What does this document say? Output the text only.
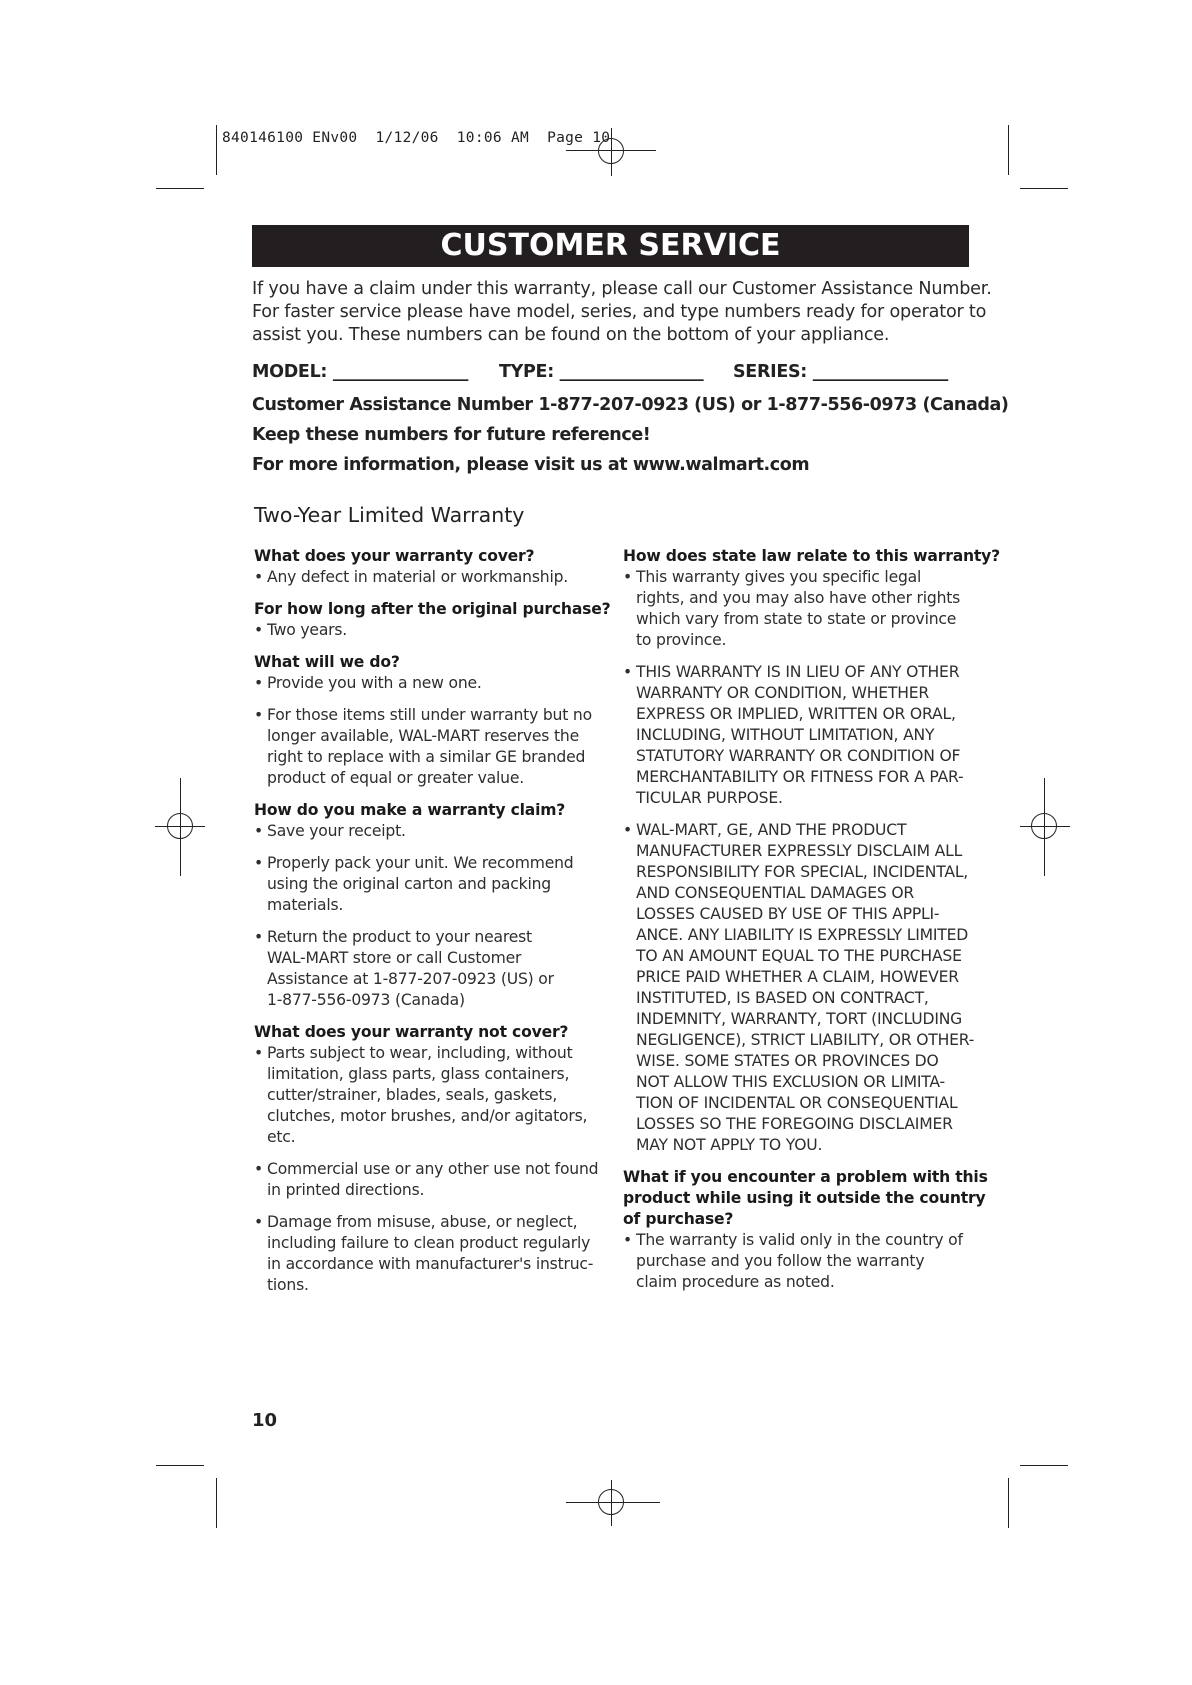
840146100 ENv00  1/12/06  10:06 AM  Page 10
CUSTOMER SERVICE
If you have a claim under this warranty, please call our Customer Assistance Number.
For faster service please have model, series, and type numbers ready for operator to
assist you. These numbers can be found on the bottom of your appliance.
MODEL: ________________ TYPE: _________________ SERIES: ________________
Customer Assistance Number 1-877-207-0923 (US) or 1-877-556-0973 (Canada)
Keep these numbers for future reference!
For more information, please visit us at www.walmart.com
Two-Year Limited Warranty
What does your warranty cover?
• Any defect in material or workmanship.
For how long after the original purchase?
• Two years.
What will we do?
• Provide you with a new one.
• For those items still under warranty but no
longer available, WAL-MART reserves the
right to replace with a similar GE branded
product of equal or greater value.
How do you make a warranty claim?
• Save your receipt.
• Properly pack your unit. We recommend
using the original carton and packing
materials.
• Return the product to your nearest
WAL-MART store or call Customer
Assistance at 1-877-207-0923 (US) or
1-877-556-0973 (Canada)
What does your warranty not cover?
• Parts subject to wear, including, without
limitation, glass parts, glass containers,
cutter/strainer, blades, seals, gaskets,
clutches, motor brushes, and/or agitators,
etc.
• Commercial use or any other use not found
in printed directions.
• Damage from misuse, abuse, or neglect,
including failure to clean product regularly
in accordance with manufacturer's instruc-
tions.
How does state law relate to this warranty?
• This warranty gives you specific legal
rights, and you may also have other rights
which vary from state to state or province
to province.
• THIS WARRANTY IS IN LIEU OF ANY OTHER
WARRANTY OR CONDITION, WHETHER
EXPRESS OR IMPLIED, WRITTEN OR ORAL,
INCLUDING, WITHOUT LIMITATION, ANY
STATUTORY WARRANTY OR CONDITION OF
MERCHANTABILITY OR FITNESS FOR A PAR-
TICULAR PURPOSE.
• WAL-MART, GE, AND THE PRODUCT
MANUFACTURER EXPRESSLY DISCLAIM ALL
RESPONSIBILITY FOR SPECIAL, INCIDENTAL,
AND CONSEQUENTIAL DAMAGES OR
LOSSES CAUSED BY USE OF THIS APPLI-
ANCE. ANY LIABILITY IS EXPRESSLY LIMITED
TO AN AMOUNT EQUAL TO THE PURCHASE
PRICE PAID WHETHER A CLAIM, HOWEVER
INSTITUTED, IS BASED ON CONTRACT,
INDEMNITY, WARRANTY, TORT (INCLUDING
NEGLIGENCE), STRICT LIABILITY, OR OTHER-
WISE. SOME STATES OR PROVINCES DO
NOT ALLOW THIS EXCLUSION OR LIMITA-
TION OF INCIDENTAL OR CONSEQUENTIAL
LOSSES SO THE FOREGOING DISCLAIMER
MAY NOT APPLY TO YOU.
What if you encounter a problem with this
product while using it outside the country
of purchase?
• The warranty is valid only in the country of
purchase and you follow the warranty
claim procedure as noted.
10
